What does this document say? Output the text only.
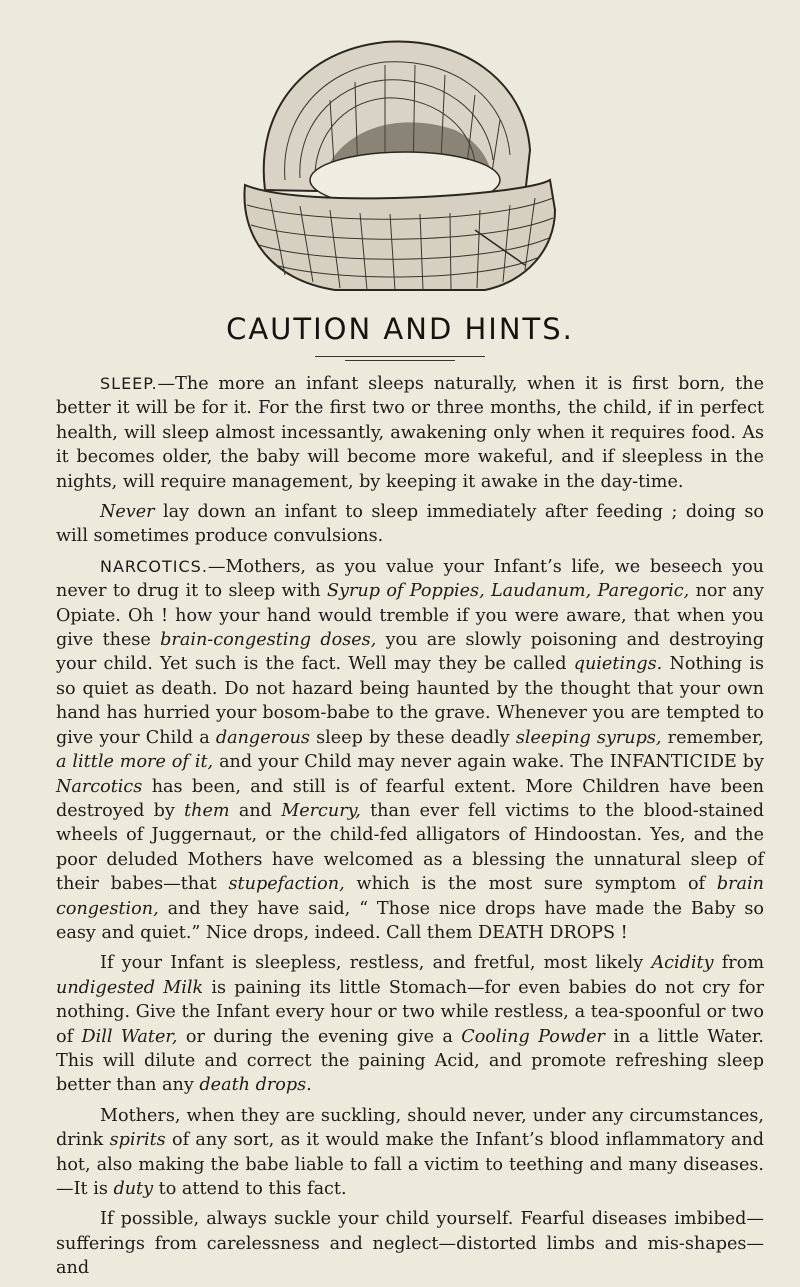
CAUTION AND HINTS.

SLEEP.—The more an infant sleeps naturally, when it is first born, the better it will be for it. For the first two or three months, the child, if in perfect health, will sleep almost incessantly, awakening only when it requires food. As it becomes older, the baby will become more wakeful, and if sleepless in the nights, will require management, by keeping it awake in the day-time.

Never lay down an infant to sleep immediately after feeding ; doing so will sometimes produce convulsions.

NARCOTICS.—Mothers, as you value your Infant’s life, we beseech you never to drug it to sleep with Syrup of Poppies, Laudanum, Paregoric, nor any Opiate. Oh ! how your hand would tremble if you were aware, that when you give these brain-congesting doses, you are slowly poisoning and destroying your child. Yet such is the fact. Well may they be called quietings. Nothing is so quiet as death. Do not hazard being haunted by the thought that your own hand has hurried your bosom-babe to the grave. Whenever you are tempted to give your Child a dangerous sleep by these deadly sleeping syrups, remember, a little more of it, and your Child may never again wake. The INFANTICIDE by Narcotics has been, and still is of fearful extent. More Children have been destroyed by them and Mercury, than ever fell victims to the blood-stained wheels of Juggernaut, or the child-fed alligators of Hindoostan. Yes, and the poor deluded Mothers have welcomed as a blessing the unnatural sleep of their babes—that stupefaction, which is the most sure symptom of brain congestion, and they have said, “ Those nice drops have made the Baby so easy and quiet.” Nice drops, indeed. Call them DEATH DROPS !

If your Infant is sleepless, restless, and fretful, most likely Acidity from undigested Milk is paining its little Stomach—for even babies do not cry for nothing. Give the Infant every hour or two while restless, a tea-spoonful or two of Dill Water, or during the evening give a Cooling Powder in a little Water. This will dilute and correct the paining Acid, and promote refreshing sleep better than any death drops.

Mothers, when they are suckling, should never, under any circumstances, drink spirits of any sort, as it would make the Infant’s blood inflammatory and hot, also making the babe liable to fall a victim to teething and many diseases.—It is duty to attend to this fact.

If possible, always suckle your child yourself. Fearful diseases imbibed—sufferings from carelessness and neglect—distorted limbs and mis-shapes—and
